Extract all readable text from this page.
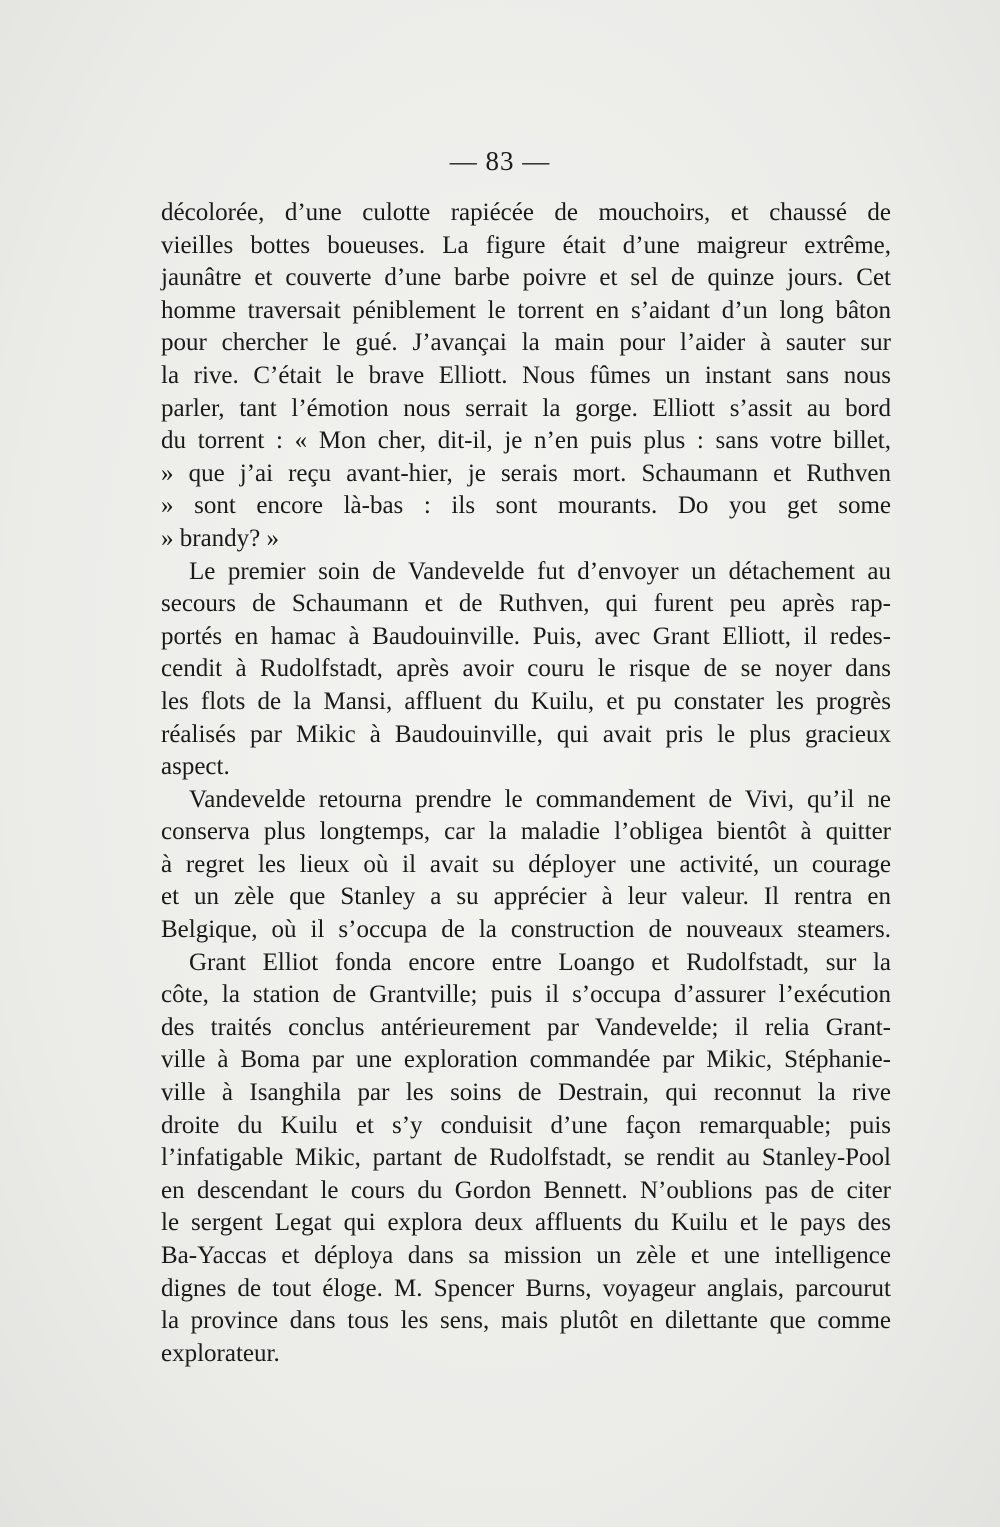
— 83 —
décolorée, d’une culotte rapiécée de mouchoirs, et chaussé de
vieilles bottes boueuses. La figure était d’une maigreur extrême,
jaunâtre et couverte d’une barbe poivre et sel de quinze jours. Cet
homme traversait péniblement le torrent en s’aidant d’un long bâton
pour chercher le gué. J’avançai la main pour l’aider à sauter sur
la rive. C’était le brave Elliott. Nous fûmes un instant sans nous
parler, tant l’émotion nous serrait la gorge. Elliott s’assit au bord
du torrent : « Mon cher, dit-il, je n’en puis plus : sans votre billet,
» que j’ai reçu avant-hier, je serais mort. Schaumann et Ruthven
» sont encore là-bas : ils sont mourants. Do you get some
» brandy? »
Le premier soin de Vandevelde fut d’envoyer un détachement au
secours de Schaumann et de Ruthven, qui furent peu après rap-
portés en hamac à Baudouinville. Puis, avec Grant Elliott, il redes-
cendit à Rudolfstadt, après avoir couru le risque de se noyer dans
les flots de la Mansi, affluent du Kuilu, et pu constater les progrès
réalisés par Mikic à Baudouinville, qui avait pris le plus gracieux
aspect.
Vandevelde retourna prendre le commandement de Vivi, qu’il ne
conserva plus longtemps, car la maladie l’obligea bientôt à quitter
à regret les lieux où il avait su déployer une activité, un courage
et un zèle que Stanley a su apprécier à leur valeur. Il rentra en
Belgique, où il s’occupa de la construction de nouveaux steamers.
Grant Elliot fonda encore entre Loango et Rudolfstadt, sur la
côte, la station de Grantville; puis il s’occupa d’assurer l’exécution
des traités conclus antérieurement par Vandevelde; il relia Grant-
ville à Boma par une exploration commandée par Mikic, Stéphanie-
ville à Isanghila par les soins de Destrain, qui reconnut la rive
droite du Kuilu et s’y conduisit d’une façon remarquable; puis
l’infatigable Mikic, partant de Rudolfstadt, se rendit au Stanley-Pool
en descendant le cours du Gordon Bennett. N’oublions pas de citer
le sergent Legat qui explora deux affluents du Kuilu et le pays des
Ba-Yaccas et déploya dans sa mission un zèle et une intelligence
dignes de tout éloge. M. Spencer Burns, voyageur anglais, parcourut
la province dans tous les sens, mais plutôt en dilettante que comme
explorateur.
